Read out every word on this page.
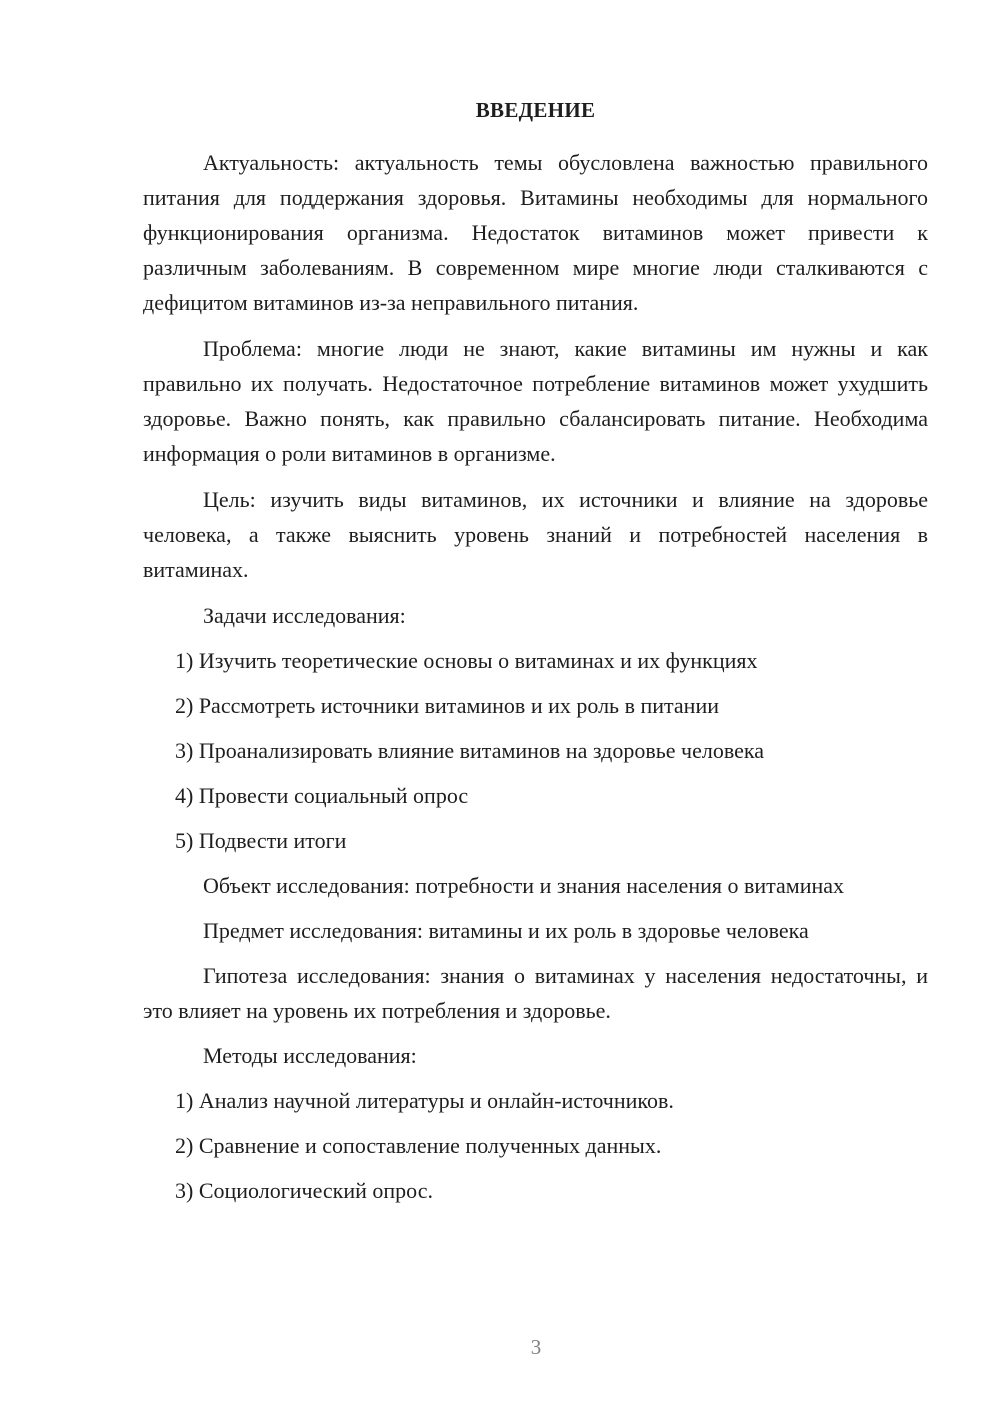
ВВЕДЕНИЕ

Актуальность: актуальность темы обусловлена важностью правильного питания для поддержания здоровья. Витамины необходимы для нормального функционирования организма. Недостаток витаминов может привести к различным заболеваниям. В современном мире многие люди сталкиваются с дефицитом витаминов из-за неправильного питания.

Проблема: многие люди не знают, какие витамины им нужны и как правильно их получать. Недостаточное потребление витаминов может ухудшить здоровье. Важно понять, как правильно сбалансировать питание. Необходима информация о роли витаминов в организме.

Цель: изучить виды витаминов, их источники и влияние на здоровье человека, а также выяснить уровень знаний и потребностей населения в витаминах.

Задачи исследования:

1) Изучить теоретические основы о витаминах и их функциях

2) Рассмотреть источники витаминов и их роль в питании

3) Проанализировать влияние витаминов на здоровье человека

4) Провести социальный опрос

5) Подвести итоги

Объект исследования: потребности и знания населения о витаминах

Предмет исследования: витамины и их роль в здоровье человека

Гипотеза исследования: знания о витаминах у населения недостаточны, и это влияет на уровень их потребления и здоровье.

Методы исследования:

1) Анализ научной литературы и онлайн-источников.

2) Сравнение и сопоставление полученных данных.

3) Социологический опрос.

3
